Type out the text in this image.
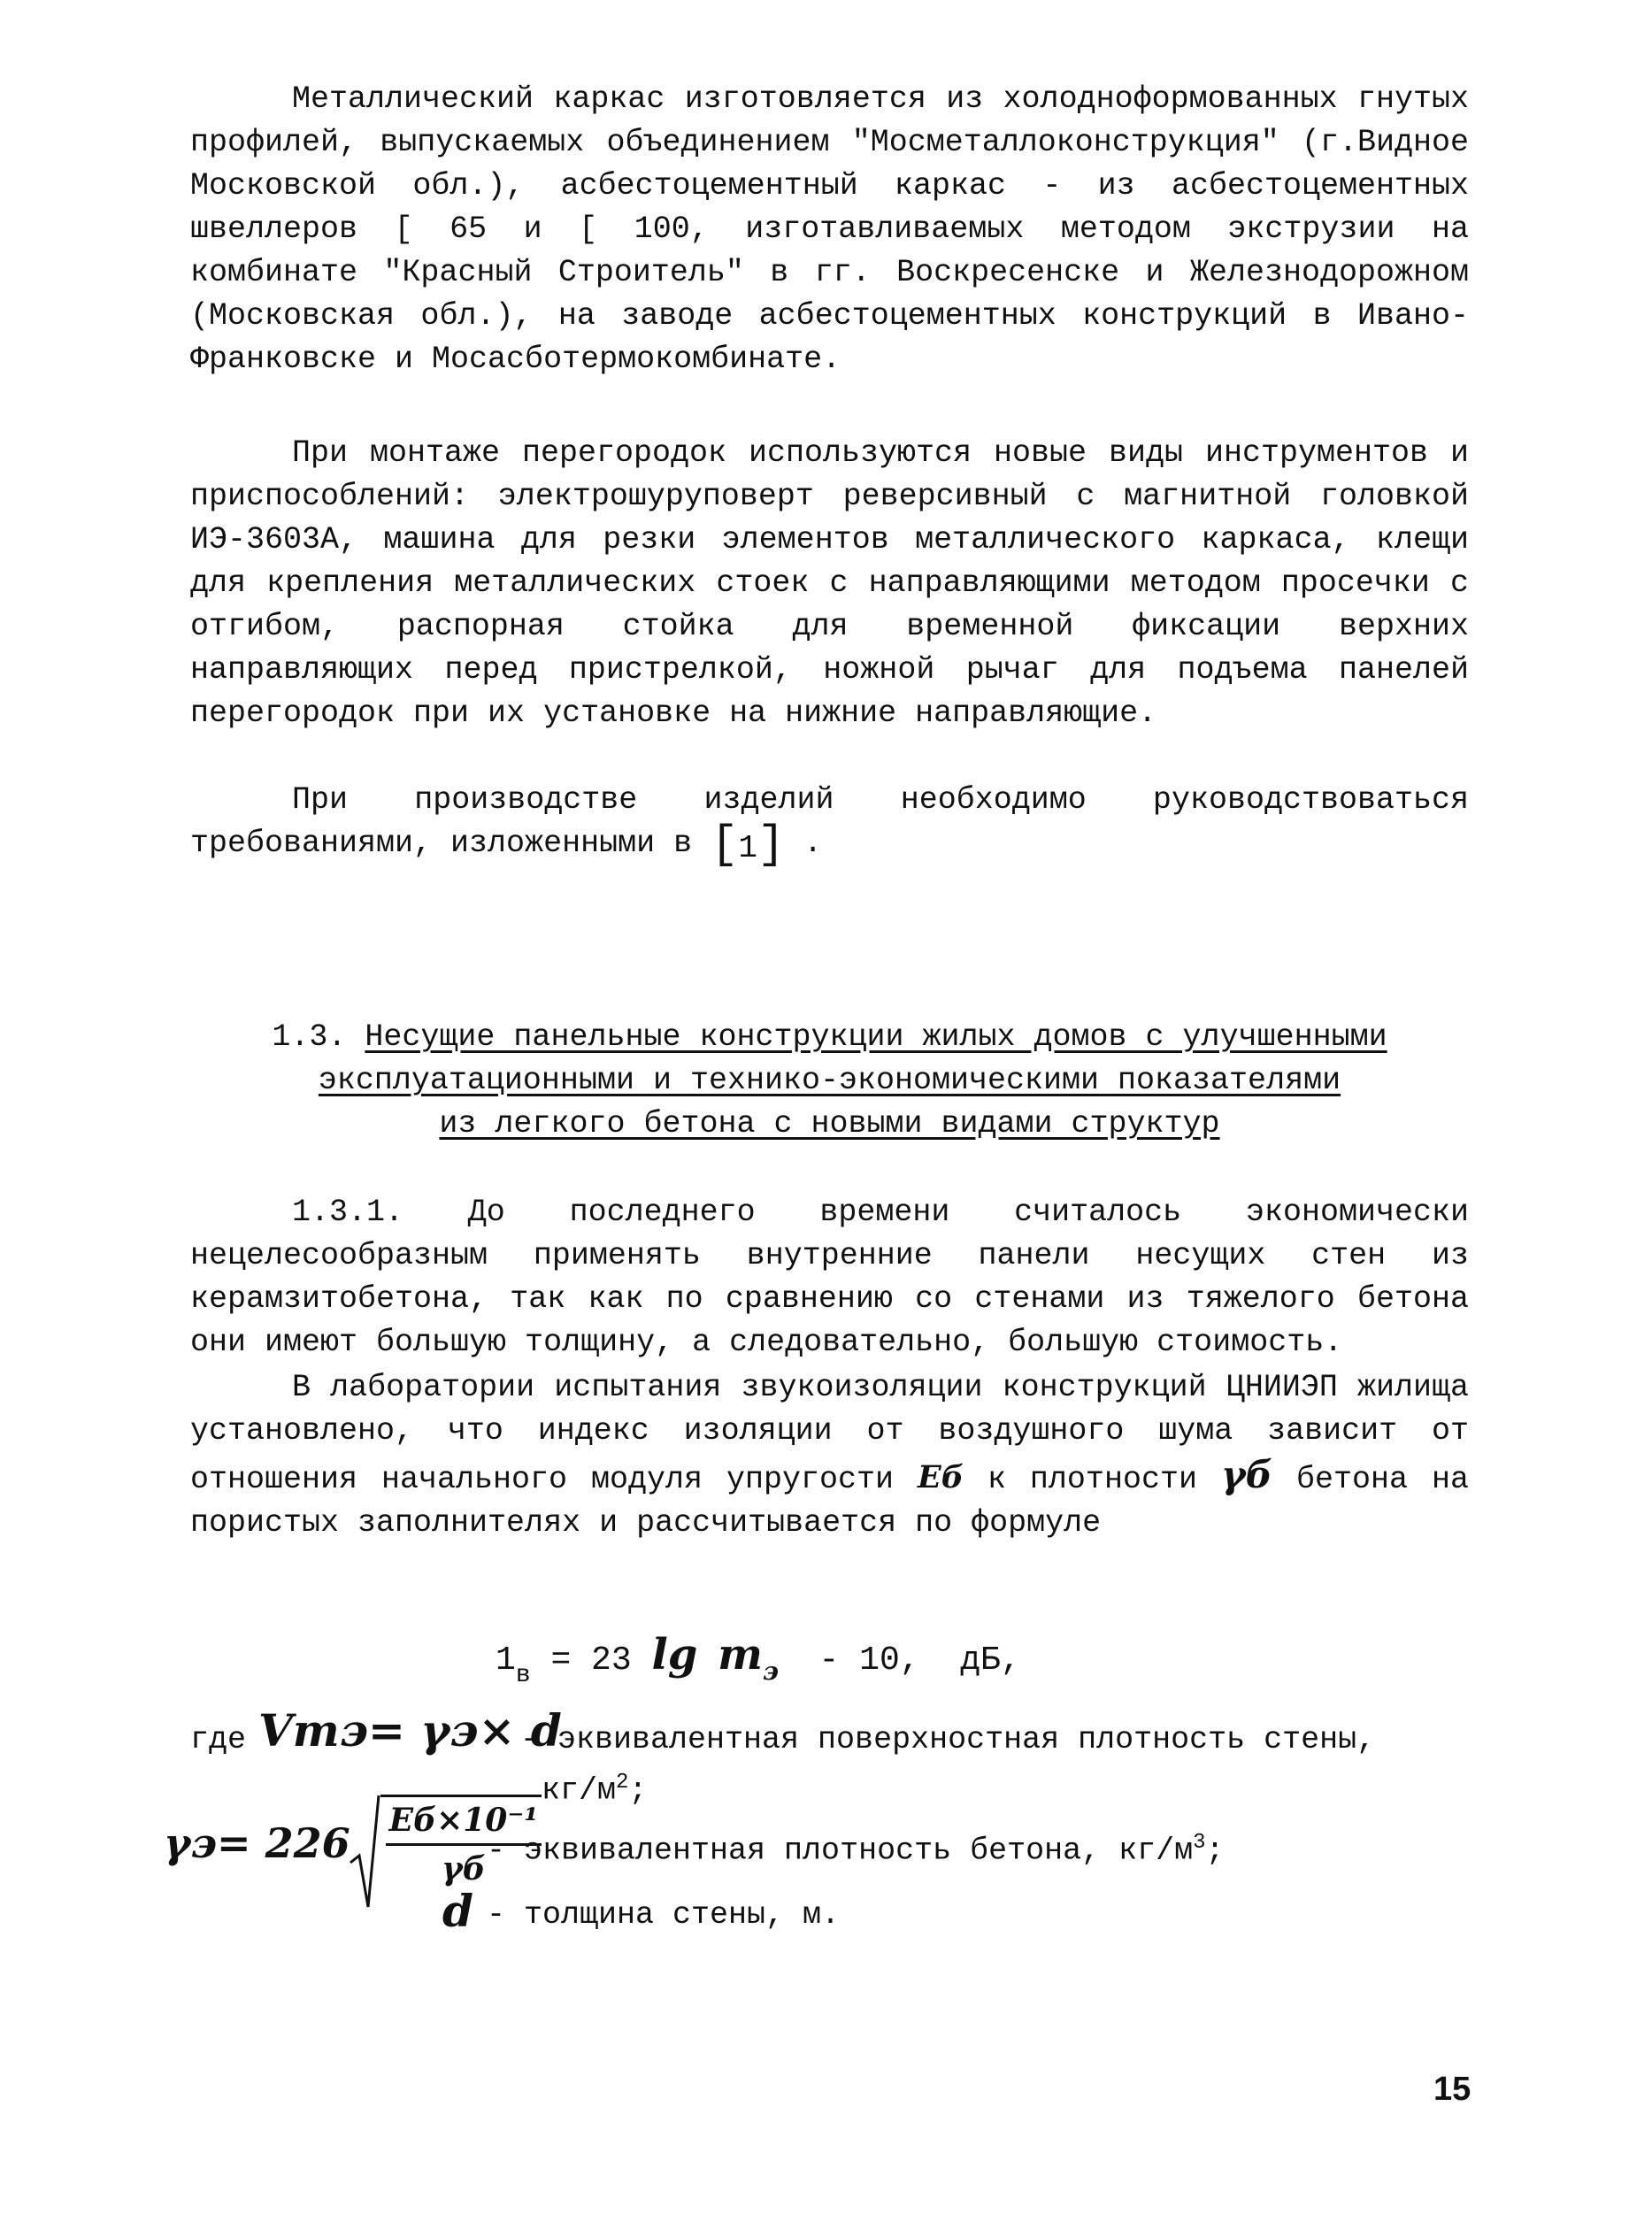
Металлический каркас изготовляется из холодноформованных гнутых профилей, выпускаемых объединением "Мосметаллоконструкция" (г.Видное Московской обл.), асбестоцементный каркас - из асбестоцементных швеллеров [ 65 и [ 100, изготавливаемых методом экструзии на комбинате "Красный Строитель" в гг. Воскресенске и Железнодорожном (Московская обл.), на заводе асбестоцементных конструкций в Ивано-Франковске и Мосасботермокомбинате.

При монтаже перегородок используются новые виды инструментов и приспособлений: электрошуруповерт реверсивный с магнитной головкой ИЭ-3603А, машина для резки элементов металлического каркаса, клещи для крепления металлических стоек с направляющими методом просечки с отгибом, распорная стойка для временной фиксации верхних направляющих перед пристрелкой, ножной рычаг для подъема панелей перегородок при их установке на нижние направляющие.

При производстве изделий необходимо руководствоваться требованиями, изложенными в [1] .

1.3. Несущие панельные конструкции жилых домов с улучшенными
эксплуатационными и технико-экономическими показателями
из легкого бетона с новыми видами структур

1.3.1. До последнего времени считалось экономически нецелесообразным применять внутренние панели несущих стен из керамзитобетона, так как по сравнению со стенами из тяжелого бетона они имеют большую толщину, а следовательно, большую стоимость.

В лаборатории испытания звукоизоляции конструкций ЦНИИЭП жилища установлено, что индекс изоляции от воздушного шума зависит от отношения начального модуля упругости Еб к плотности γб бетона на пористых заполнителях и рассчитывается по формуле

$1_в = 23$ $\lg m_э - 10$, дБ,
где Vmэ= γэ× d
- эквивалентная поверхностная плотность стены,
$кг/м^2$;
$\gamma э= 226 \frac{\text{Еб×10⁻¹}}{\gamma б}$
- эквивалентная плотность бетона, $кг/м^3$;
d - толщина стены, м.
15
